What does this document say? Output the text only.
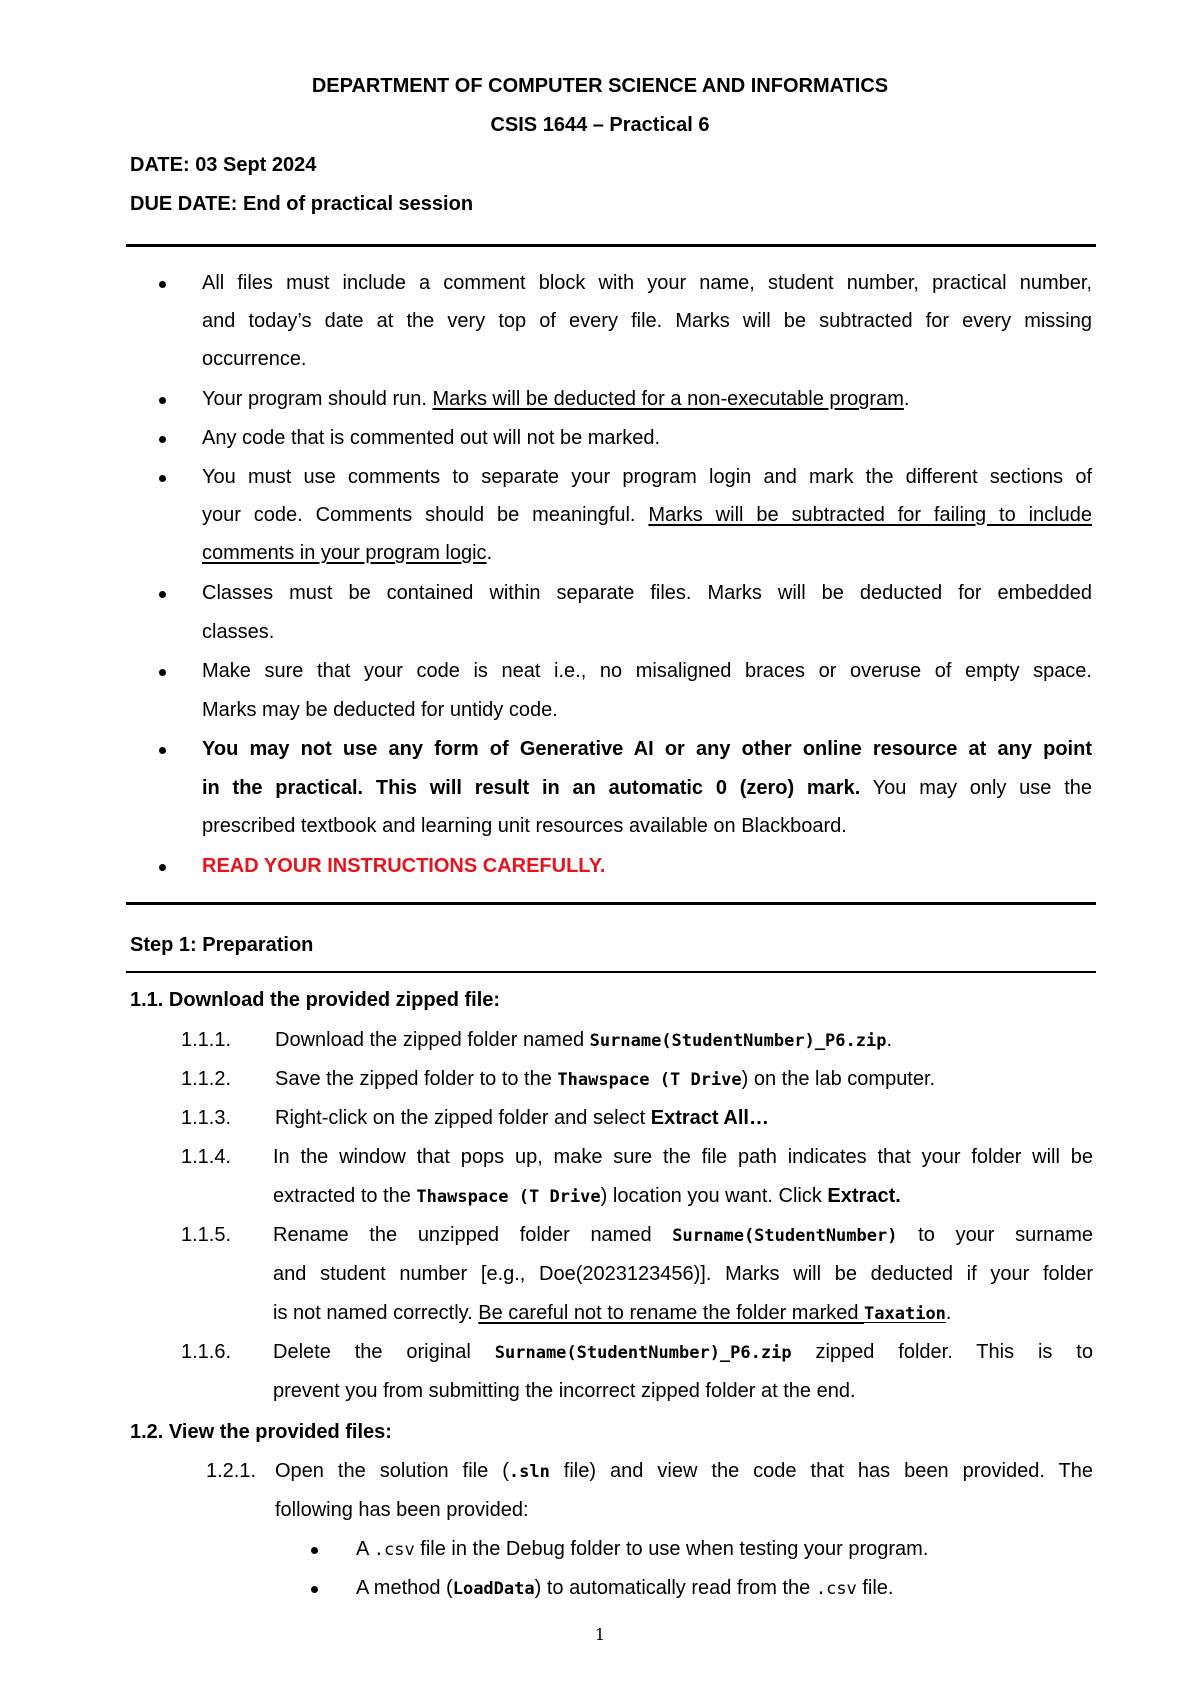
DEPARTMENT OF COMPUTER SCIENCE AND INFORMATICS
CSIS 1644 – Practical 6
DATE: 03 Sept 2024
DUE DATE: End of practical session
All files must include a comment block with your name, student number, practical number,
and today’s date at the very top of every file. Marks will be subtracted for every missing
occurrence.
Your program should run. Marks will be deducted for a non-executable program.
Any code that is commented out will not be marked.
You must use comments to separate your program login and mark the different sections of
your code. Comments should be meaningful. Marks will be subtracted for failing to include
comments in your program logic.
Classes must be contained within separate files. Marks will be deducted for embedded
classes.
Make sure that your code is neat i.e., no misaligned braces or overuse of empty space.
Marks may be deducted for untidy code.
You may not use any form of Generative AI or any other online resource at any point
in the practical. This will result in an automatic 0 (zero) mark. You may only use the
prescribed textbook and learning unit resources available on Blackboard.
READ YOUR INSTRUCTIONS CAREFULLY.
Step 1: Preparation
1.1. Download the provided zipped file:
1.1.1. Download the zipped folder named Surname(StudentNumber)_P6.zip.
1.1.2. Save the zipped folder to to the Thawspace (T Drive) on the lab computer.
1.1.3. Right-click on the zipped folder and select Extract All…
1.1.4. In the window that pops up, make sure the file path indicates that your folder will be
extracted to the Thawspace (T Drive) location you want. Click Extract.
1.1.5. Rename the unzipped folder named Surname(StudentNumber) to your surname
and student number [e.g., Doe(2023123456)]. Marks will be deducted if your folder
is not named correctly. Be careful not to rename the folder marked Taxation.
1.1.6. Delete the original Surname(StudentNumber)_P6.zip zipped folder. This is to
prevent you from submitting the incorrect zipped folder at the end.
1.2. View the provided files:
1.2.1. Open the solution file (.sln file) and view the code that has been provided. The
following has been provided:
A .csv file in the Debug folder to use when testing your program.
A method (LoadData) to automatically read from the .csv file.
1
